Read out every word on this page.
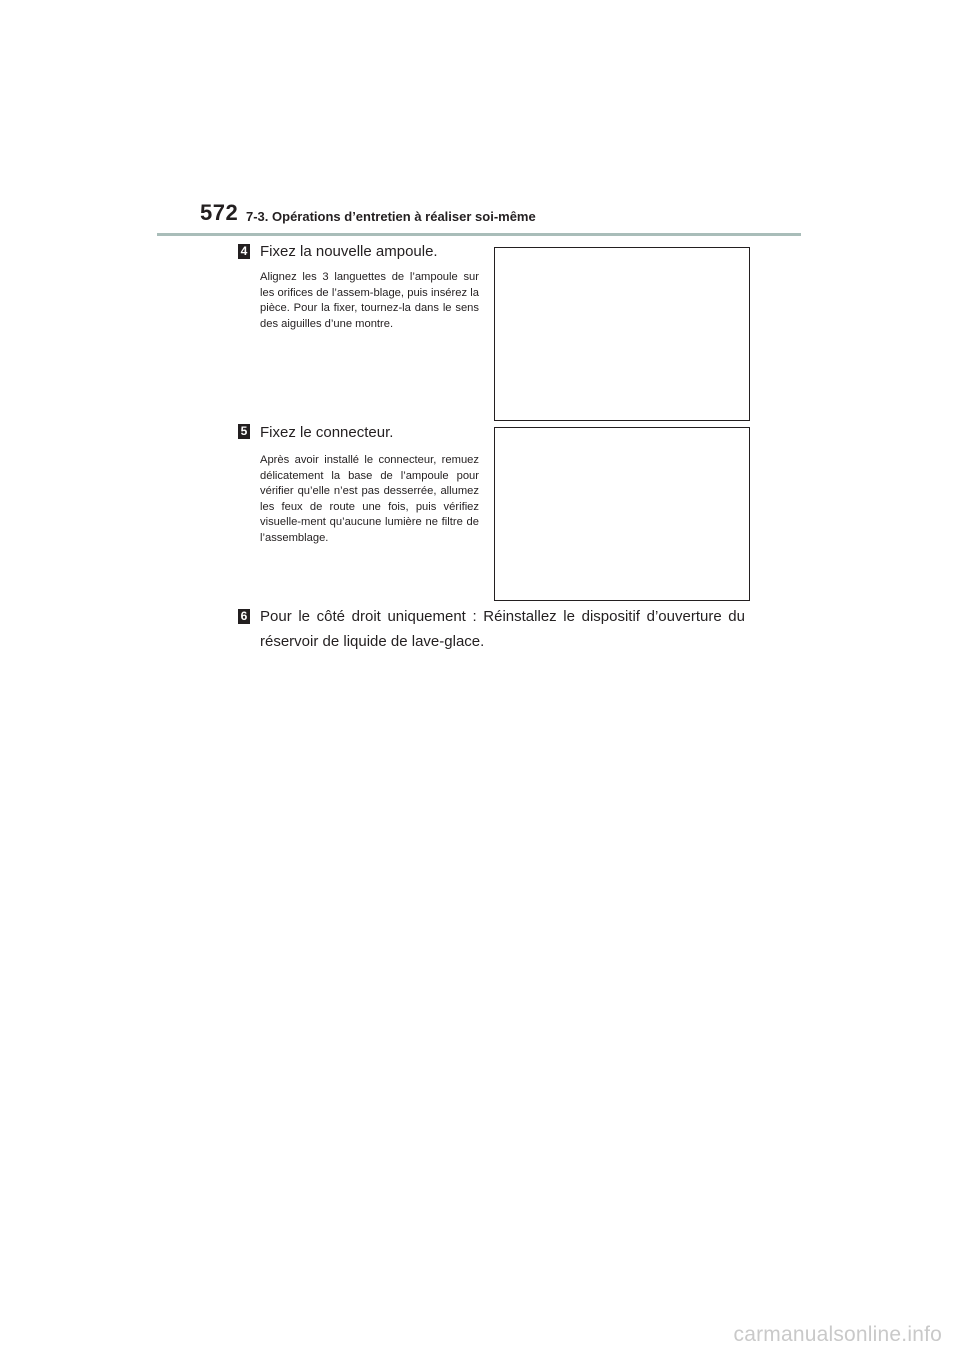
572 7-3. Opérations d’entretien à réaliser soi-même
4 Fixez la nouvelle ampoule.
Alignez les 3 languettes de l’ampoule sur les orifices de l’assem-blage, puis insérez la pièce. Pour la fixer, tournez-la dans le sens des aiguilles d’une montre.
5 Fixez le connecteur.
Après avoir installé le connecteur, remuez délicatement la base de l’ampoule pour vérifier qu’elle n’est pas desserrée, allumez les feux de route une fois, puis vérifiez visuelle-ment qu’aucune lumière ne filtre de l’assemblage.
6 Pour le côté droit uniquement : Réinstallez le dispositif d’ouverture du réservoir de liquide de lave-glace.
carmanualsonline.info
